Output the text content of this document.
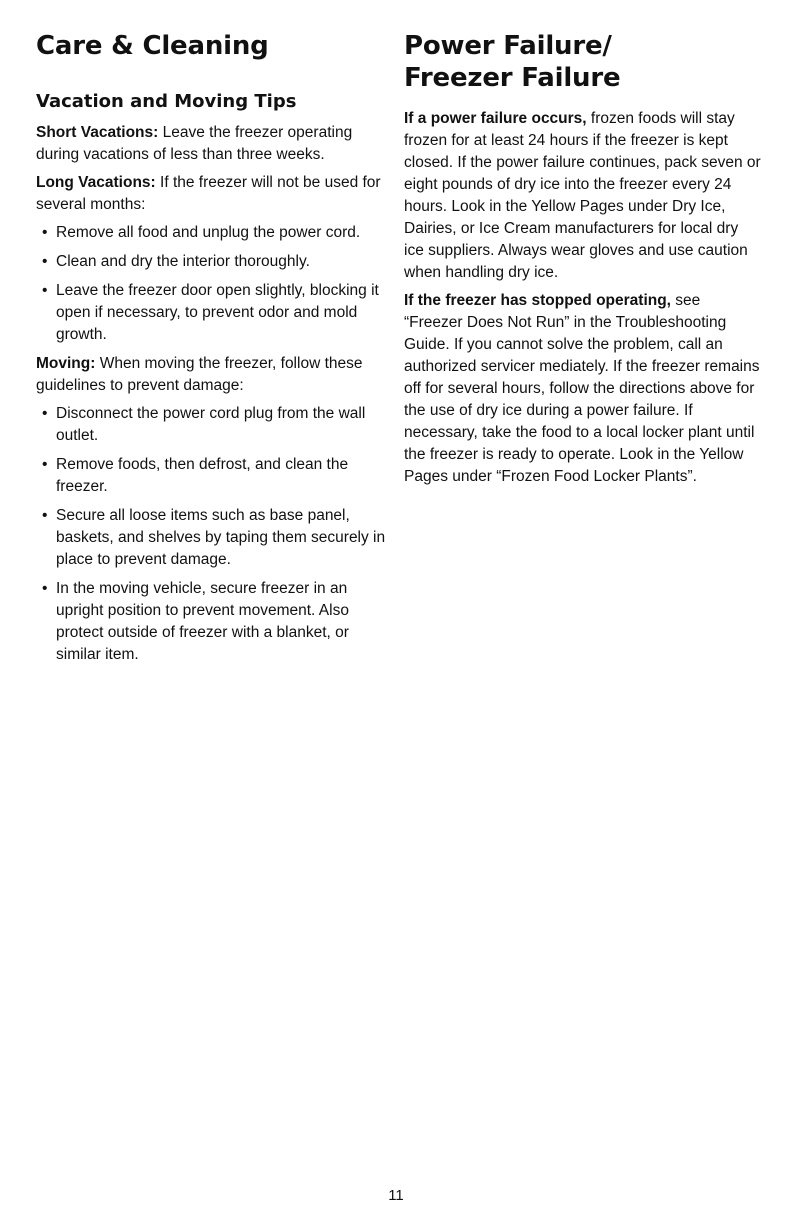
Care & Cleaning
Vacation and Moving Tips

Short Vacations: Leave the freezer operating during vacations of less than three weeks.

Long Vacations: If the freezer will not be used for several months:

• Remove all food and unplug the power cord.
• Clean and dry the interior thoroughly.
• Leave the freezer door open slightly, blocking it open if necessary, to prevent odor and mold growth.

Moving: When moving the freezer, follow these guidelines to prevent damage:

• Disconnect the power cord plug from the wall outlet.
• Remove foods, then defrost, and clean the freezer.
• Secure all loose items such as base panel, baskets, and shelves by taping them securely in place to prevent damage.
• In the moving vehicle, secure freezer in an upright position to prevent movement. Also protect outside of freezer with a blanket, or similar item.
Power Failure/
Freezer Failure

If a power failure occurs, frozen foods will stay frozen for at least 24 hours if the freezer is kept closed. If the power failure continues, pack seven or eight pounds of dry ice into the freezer every 24 hours. Look in the Yellow Pages under Dry Ice, Dairies, or Ice Cream manufacturers for local dry ice suppliers. Always wear gloves and use caution when handling dry ice.

If the freezer has stopped operating, see “Freezer Does Not Run” in the Troubleshooting Guide. If you cannot solve the problem, call an authorized servicer mediately. If the freezer remains off for several hours, follow the directions above for the use of dry ice during a power failure. If necessary, take the food to a local locker plant until the freezer is ready to operate. Look in the Yellow Pages under “Frozen Food Locker Plants”.

11
